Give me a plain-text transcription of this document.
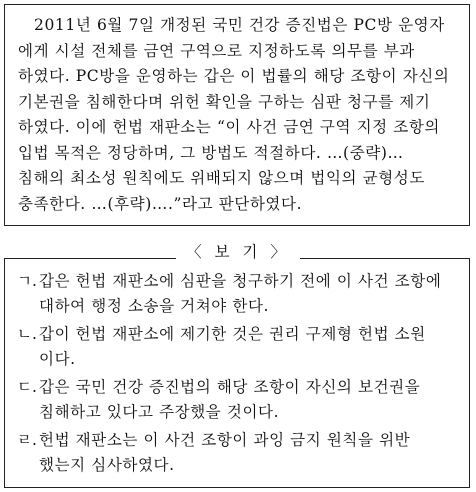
2011년 6월 7일 개정된 국민 건강 증진법은 PC방 운영자
에게 시설 전체를 금연 구역으로 지정하도록 의무를 부과
하였다. PC방을 운영하는 갑은 이 법률의 해당 조항이 자신의
기본권을 침해한다며 위헌 확인을 구하는 심판 청구를 제기
하였다. 이에 헌법 재판소는 “이 사건 금연 구역 지정 조항의
입법 목적은 정당하며, 그 방법도 적절하다. …(중략)…
침해의 최소성 원칙에도 위배되지 않으며 법익의 균형성도
충족한다. …(후략)….”라고 판단하였다.
ㄱ. 갑은 헌법 재판소에 심판을 청구하기 전에 이 사건 조항에
대하여 행정 소송을 거쳐야 한다.
ㄴ. 갑이 헌법 재판소에 제기한 것은 권리 구제형 헌법 소원
이다.
ㄷ. 갑은 국민 건강 증진법의 해당 조항이 자신의 보건권을
침해하고 있다고 주장했을 것이다.
ㄹ. 헌법 재판소는 이 사건 조항이 과잉 금지 원칙을 위반
했는지 심사하였다.
〈 보 기 〉
